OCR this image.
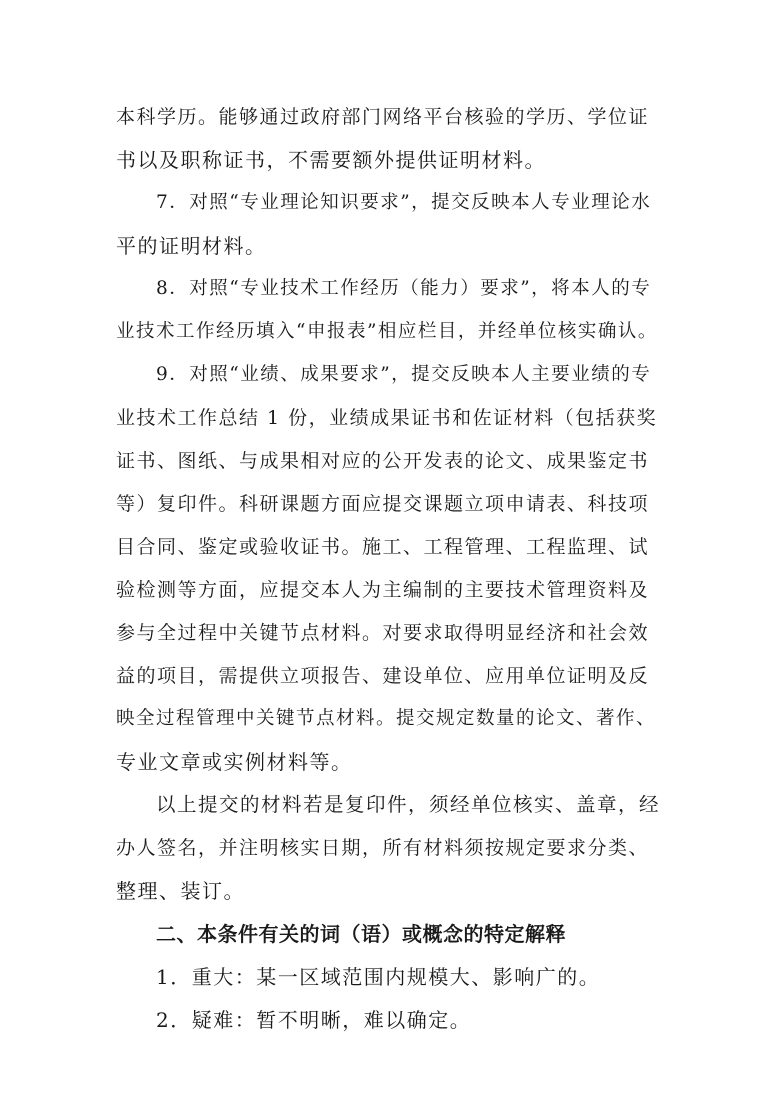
本科学历。能够通过政府部门网络平台核验的学历、学位证
书以及职称证书，不需要额外提供证明材料。
7．对照“专业理论知识要求”，提交反映本人专业理论水
平的证明材料。
8．对照“专业技术工作经历（能力）要求”，将本人的专
业技术工作经历填入“申报表”相应栏目，并经单位核实确认。
9．对照“业绩、成果要求”，提交反映本人主要业绩的专
业技术工作总结 1 份，业绩成果证书和佐证材料（包括获奖
证书、图纸、与成果相对应的公开发表的论文、成果鉴定书
等）复印件。科研课题方面应提交课题立项申请表、科技项
目合同、鉴定或验收证书。施工、工程管理、工程监理、试
验检测等方面，应提交本人为主编制的主要技术管理资料及
参与全过程中关键节点材料。对要求取得明显经济和社会效
益的项目，需提供立项报告、建设单位、应用单位证明及反
映全过程管理中关键节点材料。提交规定数量的论文、著作、
专业文章或实例材料等。
以上提交的材料若是复印件，须经单位核实、盖章，经
办人签名，并注明核实日期，所有材料须按规定要求分类、
整理、装订。
二、本条件有关的词（语）或概念的特定解释
1．重大：某一区域范围内规模大、影响广的。
2．疑难：暂不明晰，难以确定。
